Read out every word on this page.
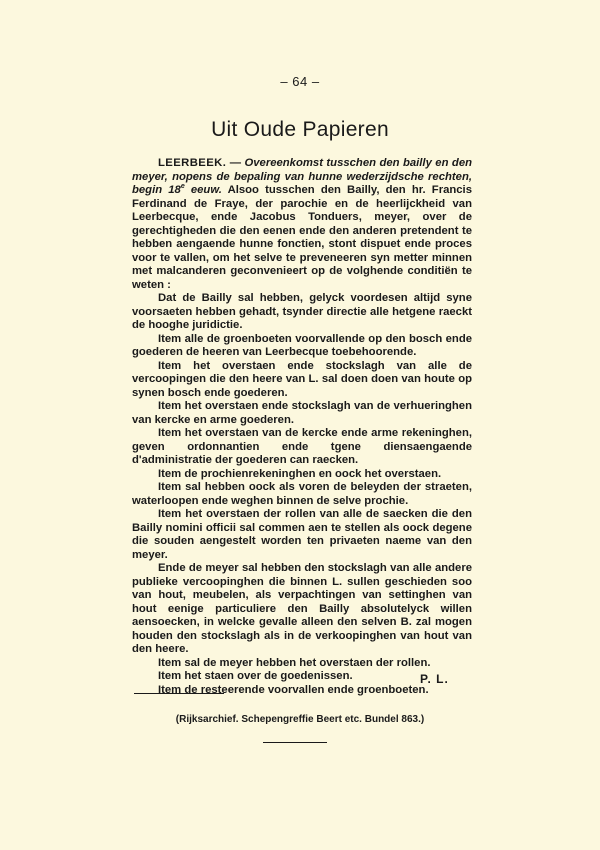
– 64 –
Uit Oude Papieren

LEERBEEK. — Overeenkomst tusschen den bailly en den meyer, nopens de bepaling van hunne wederzijdsche rechten, begin 18e eeuw. Alsoo tusschen den Bailly, den hr. Francis Ferdinand de Fraye, der parochie en de heerlijckheid van Leerbecque, ende Jacobus Tonduers, meyer, over de gerechtigheden die den eenen ende den anderen pretendent te hebben aengaende hunne fonctien, stont dispuet ende proces voor te vallen, om het selve te preveneeren syn metter minnen met malcanderen geconvenieert op de volghende conditiën te weten :

Dat de Bailly sal hebben, gelyck voordesen altijd syne voorsaeten hebben gehadt, tsynder directie alle hetgene raeckt de hooghe juridictie.

Item alle de groenboeten voorvallende op den bosch ende goederen de heeren van Leerbecque toebehoorende.

Item het overstaen ende stockslagh van alle de vercoopingen die den heere van L. sal doen doen van houte op synen bosch ende goederen.

Item het overstaen ende stockslagh van de verhueringhen van kercke en arme goederen.

Item het overstaen van de kercke ende arme rekeninghen, geven ordonnantien ende tgene diensaengaende d'administratie der goederen can raecken.

Item de prochienrekeninghen en oock het overstaen.

Item sal hebben oock als voren de beleyden der straeten, waterloopen ende weghen binnen de selve prochie.

Item het overstaen der rollen van alle de saecken die den Bailly nomini officii sal commen aen te stellen als oock degene die souden aengestelt worden ten privaeten naeme van den meyer.

Ende de meyer sal hebben den stockslagh van alle andere publieke vercoopinghen die binnen L. sullen geschieden soo van hout, meubelen, als verpachtingen van settinghen van hout eenige particuliere den Bailly absolutelyck willen aensoecken, in welcke gevalle alleen den selven B. zal mogen houden den stockslagh als in de verkoopinghen van hout van den heere.

Item sal de meyer hebben het overstaen der rollen.

Item het staen over de goedenissen.

Item de resteerende voorvallen ende groenboeten.

P. L.
(Rijksarchief. Schepengreffie Beert etc. Bundel 863.)
